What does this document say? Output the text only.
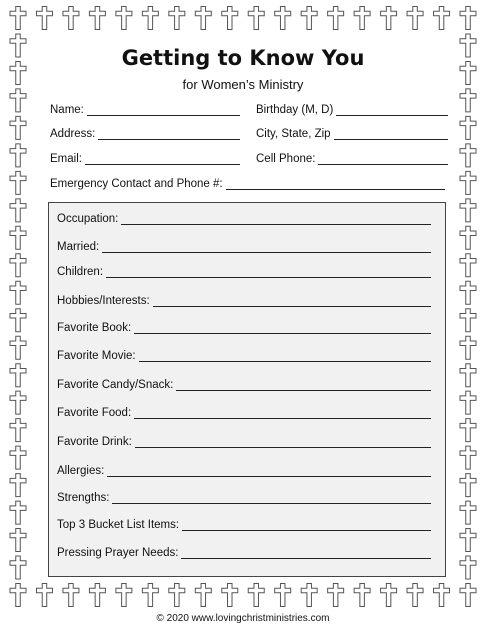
Getting to Know You
for Women’s Ministry
Name:	Birthday (M, D)
Address:	City, State, Zip
Email:	Cell Phone:
Emergency Contact and Phone #:
Occupation:
Married:
Children:
Hobbies/Interests:
Favorite Book:
Favorite Movie:
Favorite Candy/Snack:
Favorite Food:
Favorite Drink:
Allergies:
Strengths:
Top 3 Bucket List Items:
Pressing Prayer Needs:
© 2020 www.lovingchristministries.com
